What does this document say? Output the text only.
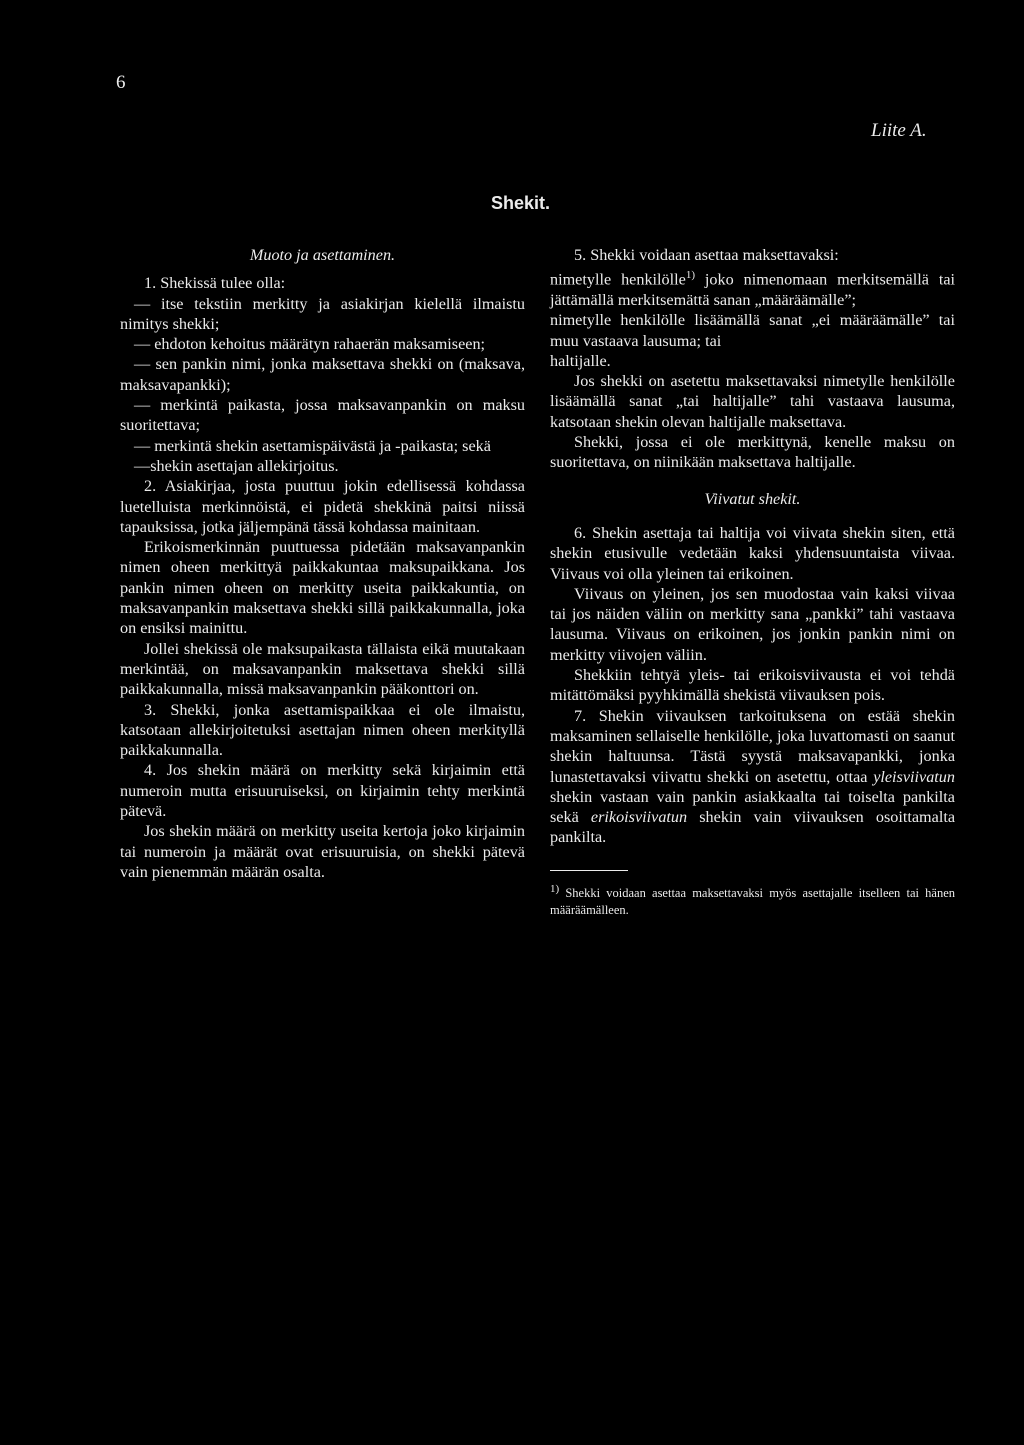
6
Liite A.
Shekit.

Muoto ja asettaminen.

1. Shekissä tulee olla:

— itse tekstiin merkitty ja asiakirjan kielellä ilmaistu nimitys shekki;

— ehdoton kehoitus määrätyn rahaerän maksamiseen;

— sen pankin nimi, jonka maksettava shekki on (maksava, maksavapankki);

— merkintä paikasta, jossa maksavanpankin on maksu suoritettava;

— merkintä shekin asettamispäivästä ja -paikasta; sekä

—shekin asettajan allekirjoitus.

2. Asiakirjaa, josta puuttuu jokin edellisessä kohdassa luetelluista merkinnöistä, ei pidetä shekkinä paitsi niissä tapauksissa, jotka jäljempänä tässä kohdassa mainitaan.

Erikoismerkinnän puuttuessa pidetään maksavanpankin nimen oheen merkittyä paikkakuntaa maksupaikkana. Jos pankin nimen oheen on merkitty useita paikkakuntia, on maksavanpankin maksettava shekki sillä paikkakunnalla, joka on ensiksi mainittu.

Jollei shekissä ole maksupaikasta tällaista eikä muutakaan merkintää, on maksavanpankin maksettava shekki sillä paikkakunnalla, missä maksavanpankin pääkonttori on.

3. Shekki, jonka asettamispaikkaa ei ole ilmaistu, katsotaan allekirjoitetuksi asettajan nimen oheen merkityllä paikkakunnalla.

4. Jos shekin määrä on merkitty sekä kirjaimin että numeroin mutta erisuuruiseksi, on kirjaimin tehty merkintä pätevä.

Jos shekin määrä on merkitty useita kertoja joko kirjaimin tai numeroin ja määrät ovat erisuuruisia, on shekki pätevä vain pienemmän määrän osalta.

5. Shekki voidaan asettaa maksettavaksi:

nimetylle henkilölle$^{1)}$ joko nimenomaan merkitsemällä tai jättämällä merkitsemättä sanan „määräämälle”;

nimetylle henkilölle lisäämällä sanat „ei määräämälle” tai muu vastaava lausuma; tai

haltijalle.

Jos shekki on asetettu maksettavaksi nimetylle henkilölle lisäämällä sanat „tai haltijalle” tahi vastaava lausuma, katsotaan shekin olevan haltijalle maksettava.

Shekki, jossa ei ole merkittynä, kenelle maksu on suoritettava, on niinikään maksettava haltijalle.

Viivatut shekit.

6. Shekin asettaja tai haltija voi viivata shekin siten, että shekin etusivulle vedetään kaksi yhdensuuntaista viivaa. Viivaus voi olla yleinen tai erikoinen.

Viivaus on yleinen, jos sen muodostaa vain kaksi viivaa tai jos näiden väliin on merkitty sana „pankki” tahi vastaava lausuma. Viivaus on erikoinen, jos jonkin pankin nimi on merkitty viivojen väliin.

Shekkiin tehtyä yleis- tai erikoisviivausta ei voi tehdä mitättömäksi pyyhkimällä shekistä viivauksen pois.

7. Shekin viivauksen tarkoituksena on estää shekin maksaminen sellaiselle henkilölle, joka luvattomasti on saanut shekin haltuunsa. Tästä syystä maksavapankki, jonka lunastettavaksi viivattu shekki on asetettu, ottaa yleisviivatun shekin vastaan vain pankin asiakkaalta tai toiselta pankilta sekä erikoisviivatun shekin vain viivauksen osoittamalta pankilta.

1) Shekki voidaan asettaa maksettavaksi myös asettajalle itselleen tai hänen määräämälleen.
